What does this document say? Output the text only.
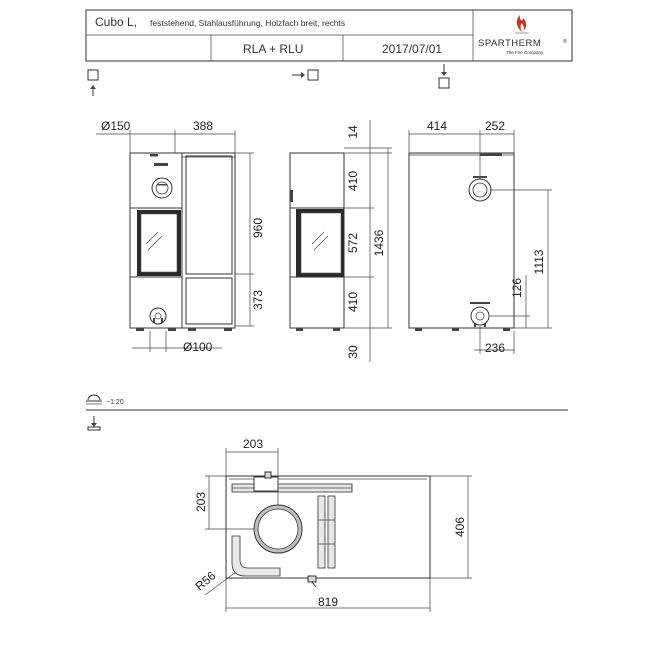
Cubo L, feststehend, Stahlausführung, Holzfach breit, rechts
RLA + RLU	2017/07/01	SPARTHERM	®
The Fire Company
Ø150	388
960
373
Ø100
14
410
572
410
1436
30
414	252
1113
126
236
~1:20
203
203
406
R56
819
